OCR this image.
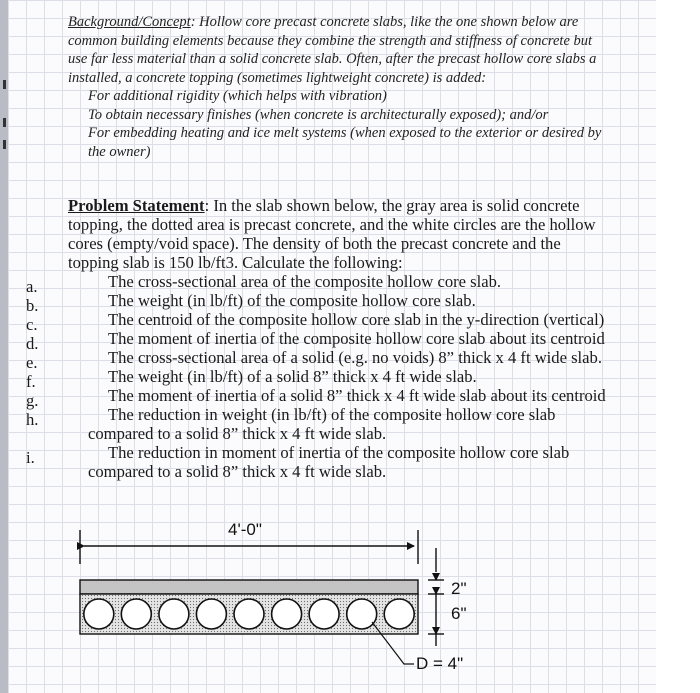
Background/Concept: Hollow core precast concrete slabs, like the one shown below are
common building elements because they combine the strength and stiffness of concrete but
use far less material than a solid concrete slab. Often, after the precast hollow core slabs a
installed, a concrete topping (sometimes lightweight concrete) is added:
For additional rigidity (which helps with vibration)
To obtain necessary finishes (when concrete is architecturally exposed); and/or
For embedding heating and ice melt systems (when exposed to the exterior or desired by
the owner)
Problem Statement: In the slab shown below, the gray area is solid concrete
topping, the dotted area is precast concrete, and the white circles are the hollow
cores (empty/void space). The density of both the precast concrete and the
topping slab is 150 lb/ft3. Calculate the following:
The cross-sectional area of the composite hollow core slab.
The weight (in lb/ft) of the composite hollow core slab.
The centroid of the composite hollow core slab in the y-direction (vertical)
The moment of inertia of the composite hollow core slab about its centroid
The cross-sectional area of a solid (e.g. no voids) 8” thick x 4 ft wide slab.
The weight (in lb/ft) of a solid 8” thick x 4 ft wide slab.
The moment of inertia of a solid 8” thick x 4 ft wide slab about its centroid
The reduction in weight (in lb/ft) of the composite hollow core slab
compared to a solid 8” thick x 4 ft wide slab.
The reduction in moment of inertia of the composite hollow core slab
compared to a solid 8” thick x 4 ft wide slab.
a.
b.
c.
d.
e.
f.
g.
h.
i.
4'-0"
2"
6"
D = 4"
